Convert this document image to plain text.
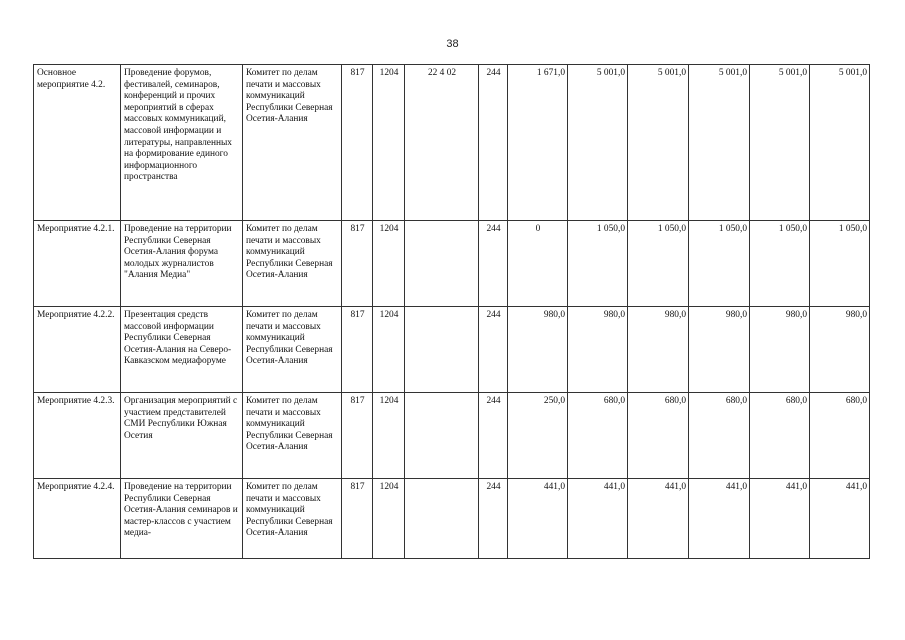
38
Основное мероприятие 4.2.	Проведение форумов, фестивалей, семинаров, конференций и прочих мероприятий в сферах массовых коммуникаций, массовой информации и литературы, направленных на формирование единого информационного пространства	Комитет по делам печати и массовых коммуникаций Республики Северная Осетия-Алания	817	1204	22 4 02	244	1 671,0	5 001,0	5 001,0	5 001,0	5 001,0	5 001,0
Мероприятие 4.2.1.	Проведение на территории Республики Северная Осетия-Алания форума молодых журналистов "Алания Медиа"	Комитет по делам печати и массовых коммуникаций Республики Северная Осетия-Алания	817	1204		244	0	1 050,0	1 050,0	1 050,0	1 050,0	1 050,0
Мероприятие 4.2.2.	Презентация средств массовой информации Республики Северная Осетия-Алания на Северо-Кавказском медиафоруме	Комитет по делам печати и массовых коммуникаций Республики Северная Осетия-Алания	817	1204		244	980,0	980,0	980,0	980,0	980,0	980,0
Мероприятие 4.2.3.	Организация мероприятий с участием представителей СМИ Республики Южная Осетия	Комитет по делам печати и массовых коммуникаций Республики Северная Осетия-Алания	817	1204		244	250,0	680,0	680,0	680,0	680,0	680,0
Мероприятие 4.2.4.	Проведение на территории Республики Северная Осетия-Алания семинаров и мастер-классов с участием медиа-	Комитет по делам печати и массовых коммуникаций Республики Северная Осетия-Алания	817	1204		244	441,0	441,0	441,0	441,0	441,0	441,0
